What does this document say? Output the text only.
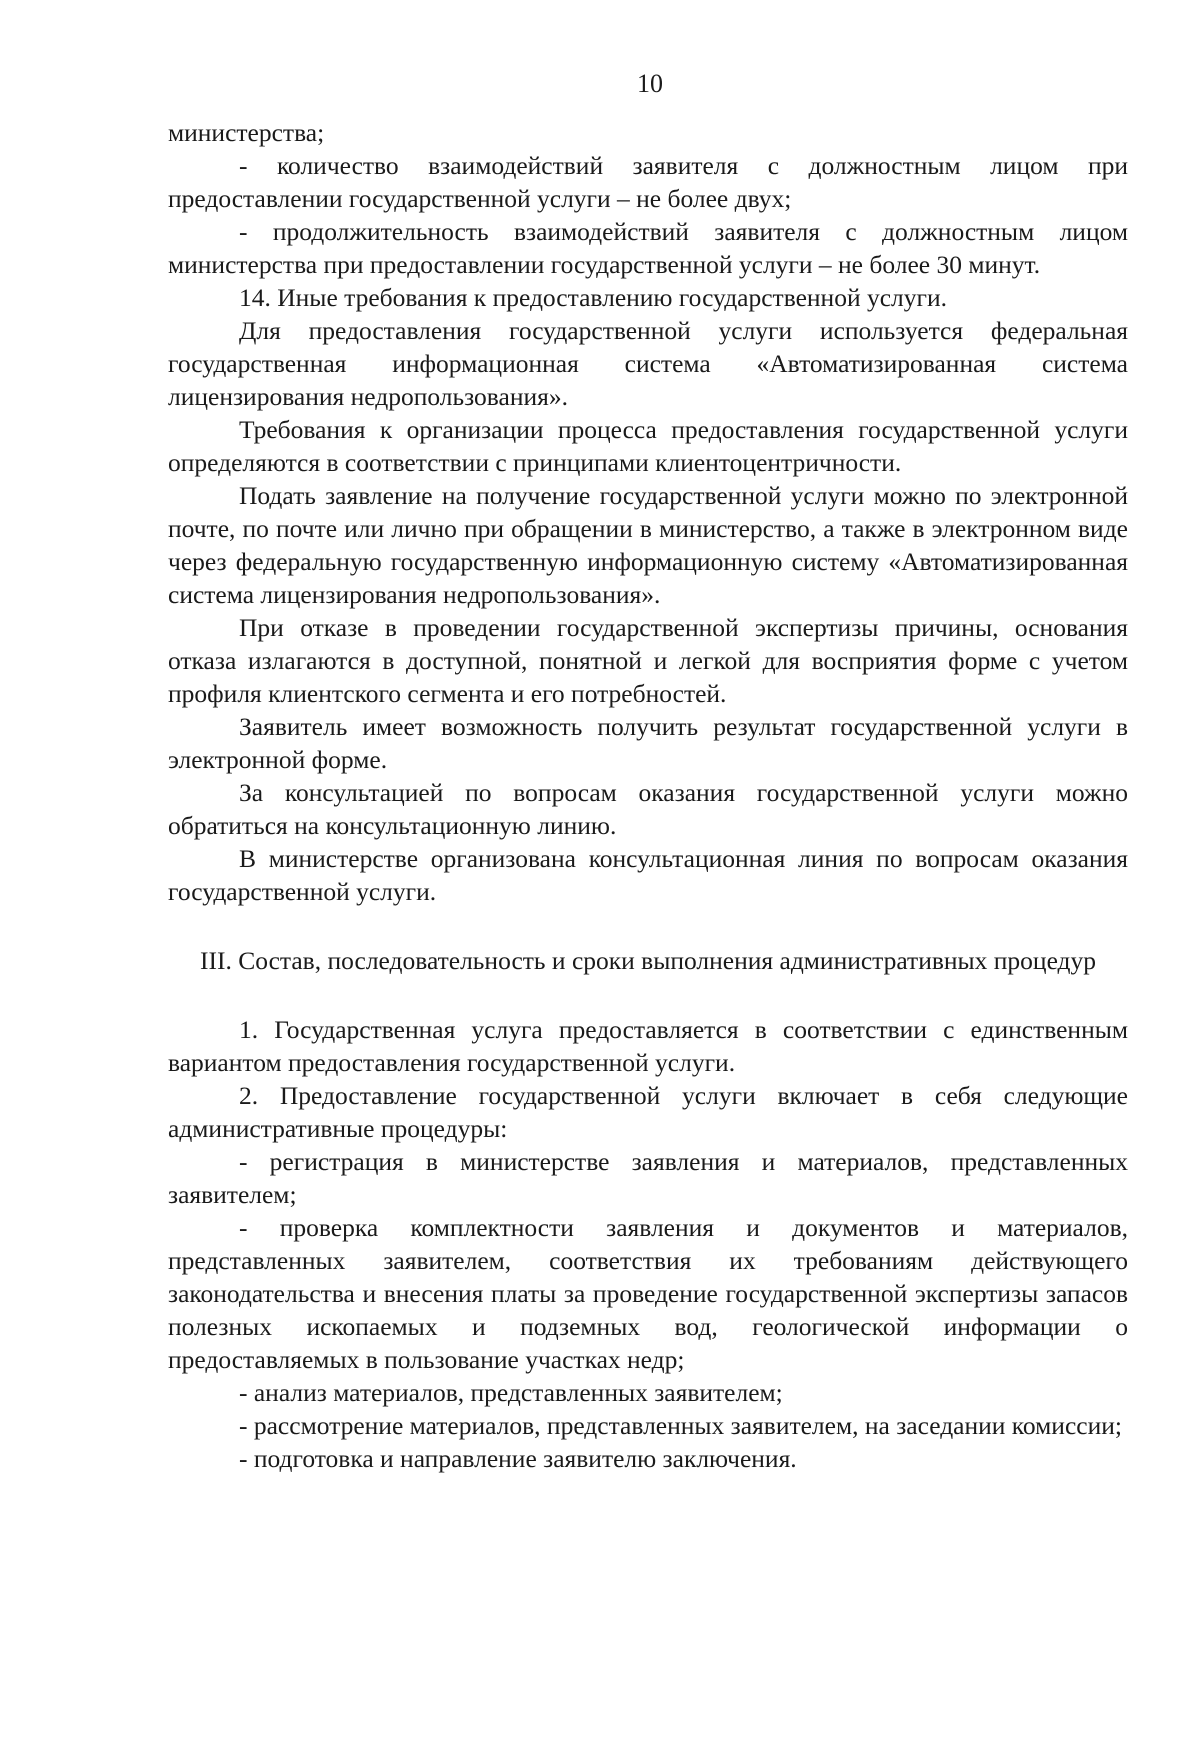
10

министерства;

- количество взаимодействий заявителя с должностным лицом при предоставлении государственной услуги – не более двух;

- продолжительность взаимодействий заявителя с должностным лицом министерства при предоставлении государственной услуги – не более 30 минут.

14. Иные требования к предоставлению государственной услуги.

Для предоставления государственной услуги используется федеральная государственная информационная система «Автоматизированная система лицензирования недропользования».

Требования к организации процесса предоставления государственной услуги определяются в соответствии с принципами клиентоцентричности.

Подать заявление на получение государственной услуги можно по электронной почте, по почте или лично при обращении в министерство, а также в электронном виде через федеральную государственную информационную систему «Автоматизированная система лицензирования недропользования».

При отказе в проведении государственной экспертизы причины, основания отказа излагаются в доступной, понятной и легкой для восприятия форме с учетом профиля клиентского сегмента и его потребностей.

Заявитель имеет возможность получить результат государственной услуги в электронной форме.

За консультацией по вопросам оказания государственной услуги можно обратиться на консультационную линию.

В министерстве организована консультационная линия по вопросам оказания государственной услуги.

III. Состав, последовательность и сроки выполнения административных процедур

1. Государственная услуга предоставляется в соответствии с единственным вариантом предоставления государственной услуги.

2. Предоставление государственной услуги включает в себя следующие административные процедуры:

- регистрация в министерстве заявления и материалов, представленных заявителем;

- проверка комплектности заявления и документов и материалов, представленных заявителем, соответствия их требованиям действующего законодательства и внесения платы за проведение государственной экспертизы запасов полезных ископаемых и подземных вод, геологической информации о предоставляемых в пользование участках недр;

- анализ материалов, представленных заявителем;

- рассмотрение материалов, представленных заявителем, на заседании комиссии;

- подготовка и направление заявителю заключения.
